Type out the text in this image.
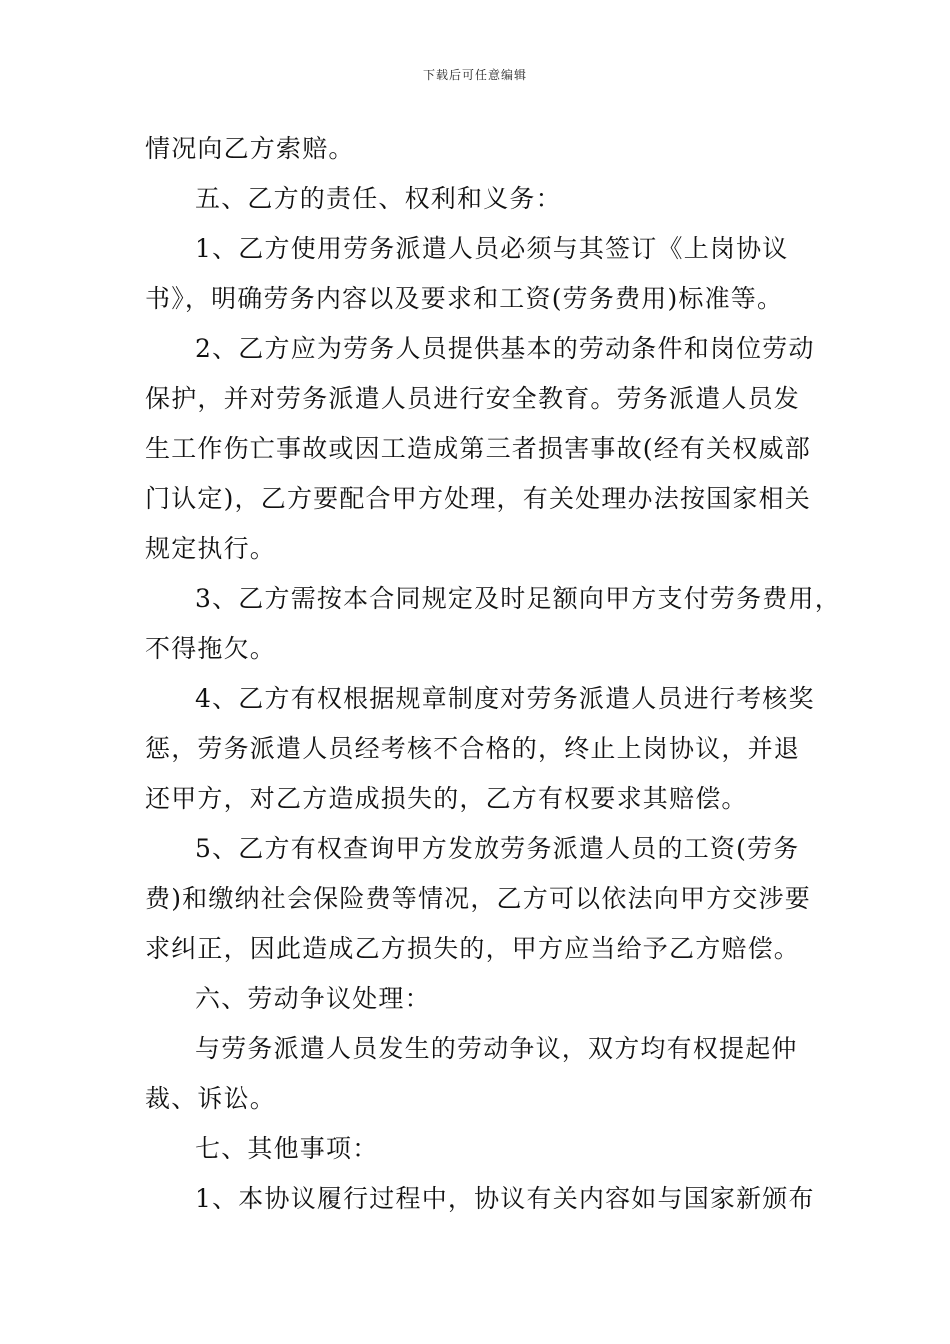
下载后可任意编辑
情况向乙方索赔。
五、乙方的责任、权利和义务：
1、乙方使用劳务派遣人员必须与其签订《上岗协议
书》，明确劳务内容以及要求和工资(劳务费用)标准等。
2、乙方应为劳务人员提供基本的劳动条件和岗位劳动
保护，并对劳务派遣人员进行安全教育。劳务派遣人员发
生工作伤亡事故或因工造成第三者损害事故(经有关权威部
门认定)，乙方要配合甲方处理，有关处理办法按国家相关
规定执行。
3、乙方需按本合同规定及时足额向甲方支付劳务费用，
不得拖欠。
4、乙方有权根据规章制度对劳务派遣人员进行考核奖
惩，劳务派遣人员经考核不合格的，终止上岗协议，并退
还甲方，对乙方造成损失的，乙方有权要求其赔偿。
5、乙方有权查询甲方发放劳务派遣人员的工资(劳务
费)和缴纳社会保险费等情况，乙方可以依法向甲方交涉要
求纠正，因此造成乙方损失的，甲方应当给予乙方赔偿。
六、劳动争议处理：
与劳务派遣人员发生的劳动争议，双方均有权提起仲
裁、诉讼。
七、其他事项：
1、本协议履行过程中，协议有关内容如与国家新颁布
